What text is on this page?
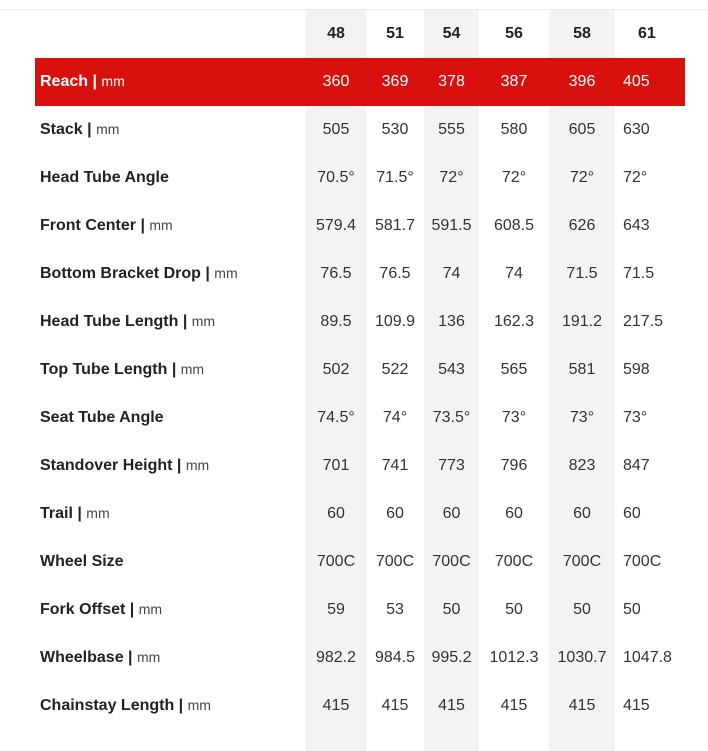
	48	51	54	56	58	61
Reach | mm	360	369	378	387	396	405
Stack | mm	505	530	555	580	605	630
Head Tube Angle	70.5°	71.5°	72°	72°	72°	72°
Front Center | mm	579.4	581.7	591.5	608.5	626	643
Bottom Bracket Drop | mm	76.5	76.5	74	74	71.5	71.5
Head Tube Length | mm	89.5	109.9	136	162.3	191.2	217.5
Top Tube Length | mm	502	522	543	565	581	598
Seat Tube Angle	74.5°	74°	73.5°	73°	73°	73°
Standover Height | mm	701	741	773	796	823	847
Trail | mm	60	60	60	60	60	60
Wheel Size	700C	700C	700C	700C	700C	700C
Fork Offset | mm	59	53	50	50	50	50
Wheelbase | mm	982.2	984.5	995.2	1012.3	1030.7	1047.8
Chainstay Length | mm	415	415	415	415	415	415
